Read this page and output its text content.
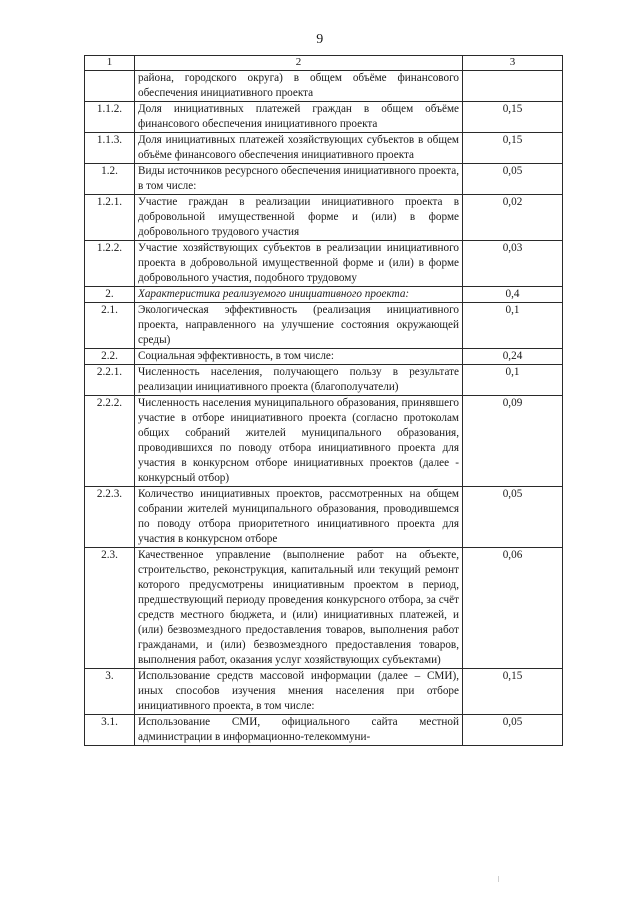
9
1	2	3
	района, городского округа) в общем объёме финансового обеспечения инициативного проекта	
1.1.2.	Доля инициативных платежей граждан в общем объёме финансового обеспечения инициативного проекта	0,15
1.1.3.	Доля инициативных платежей хозяйствующих субъектов в общем объёме финансового обеспечения инициативного проекта	0,15
1.2.	Виды источников ресурсного обеспечения инициативного проекта, в том числе:	0,05
1.2.1.	Участие граждан в реализации инициативного проекта в добровольной имущественной форме и (или) в форме добровольного трудового участия	0,02
1.2.2.	Участие хозяйствующих субъектов в реализации инициативного проекта в добровольной имущественной форме и (или) в форме добровольного участия, подобного трудовому	0,03
2.	Характеристика реализуемого инициативного проекта:	0,4
2.1.	Экологическая эффективность (реализация инициативного проекта, направленного на улучшение состояния окружающей среды)	0,1
2.2.	Социальная эффективность, в том числе:	0,24
2.2.1.	Численность населения, получающего пользу в результате реализации инициативного проекта (благополучатели)	0,1
2.2.2.	Численность населения муниципального образования, принявшего участие в отборе инициативного проекта (согласно протоколам общих собраний жителей муниципального образования, проводившихся по поводу отбора инициативного проекта для участия в конкурсном отборе инициативных проектов (далее - конкурсный отбор)	0,09
2.2.3.	Количество инициативных проектов, рассмотренных на общем собрании жителей муниципального образования, проводившемся по поводу отбора приоритетного инициативного проекта для участия в конкурсном отборе	0,05
2.3.	Качественное управление (выполнение работ на объекте, строительство, реконструкция, капитальный или текущий ремонт которого предусмотрены инициативным проектом в период, предшествующий периоду проведения конкурсного отбора, за счёт средств местного бюджета, и (или) инициативных платежей, и (или) безвозмездного предоставления товаров, выполнения работ гражданами, и (или) безвозмездного предоставления товаров, выполнения работ, оказания услуг хозяйствующих субъектами)	0,06
3.	Использование средств массовой информации (далее – СМИ), иных способов изучения мнения населения при отборе инициативного проекта, в том числе:	0,15
3.1.	Использование СМИ, официального сайта местной администрации в информационно-телекоммуни-	0,05
